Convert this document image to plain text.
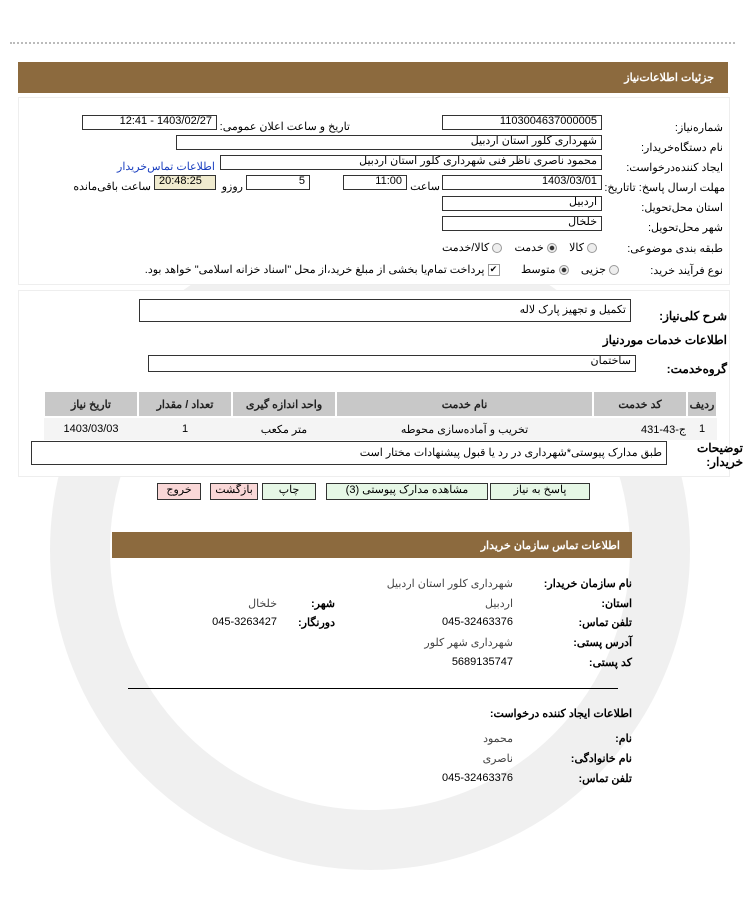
جزئیات اطلاعات‌نیاز
شماره‌نیاز:
1103004637000005
تاریخ و ساعت اعلان عمومی:
1403/02/27 - 12:41
نام دستگاه‌خریدار:
شهرداری کلور استان اردبیل
ایجاد کننده‌درخواست:
محمود ناصری ناظر فنی شهرداری کلور استان اردبیل
اطلاعات تماس‌خریدار
مهلت ارسال پاسخ: تاتاریخ:
1403/03/01
ساعت
11:00
5
روزو
20:48:25
ساعت باقی‌مانده
استان محل‌تحویل:
اردبیل
شهر محل‌تحویل:
خلخال
طبقه بندی موضوعی:
کالا     خدمت     کالا/خدمت
نوع فرآیند خرید:
جزیی     متوسط       ✔ پرداخت تمام‌یا بخشی از مبلغ خرید،از محل "اسناد خزانه اسلامی" خواهد بود.
شرح کلی‌نیاز:
تکمیل و تجهیز پارک لاله
اطلاعات خدمات موردنیاز
گروه‌خدمت:
ساختمان
ردیف	کد خدمت	نام خدمت	واحد اندازه گیری	تعداد / مقدار	تاریخ نیاز
1	ج-43-431	تخریب و آماده‌سازی محوطه	متر مکعب	1	1403/03/03
توضیحات خریدار:
طبق مدارک پیوستی*شهرداری در رد یا قبول پیشنهادات مختار است
پاسخ به نیاز
مشاهده مدارک پیوستی (3)
چاپ
بازگشت
خروج
اطلاعات تماس سازمان خریدار
نام سازمان خریدار:
شهرداری کلور استان اردبیل
استان:
اردبیل
شهر:
خلخال
تلفن تماس:
045-32463376
دورنگار:
045-3263427
آدرس پستی:
شهرداری شهر کلور
کد پستی:
5689135747
اطلاعات ایجاد کننده درخواست:
نام:
محمود
نام خانوادگی:
ناصری
تلفن تماس:
045-32463376
